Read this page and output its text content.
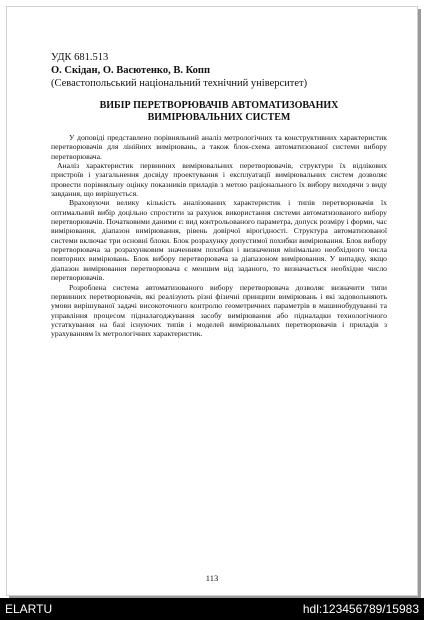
УДК 681.513

О. Скідан, О. Васютенко, В. Копп

(Севастопольський національний технічний університет)

ВИБІР ПЕРЕТВОРЮВАЧІВ АВТОМАТИЗОВАНИХ
ВИМІРЮВАЛЬНИХ СИСТЕМ

У доповіді представлено порівняльний аналіз метрологічних та конструктивних характеристик перетворювачів для лінійних вимірювань, а також блок-схема автоматизованої системи вибору перетворювача.

Аналіз характеристик первинних вимірювальних перетворювачів, структури їх відлікових пристроїв і узагальнення досвіду проектування і експлуатації вимірювальних систем дозволяє провести порівняльну оцінку показників приладів з метою раціонального їх вибору виходячи з виду завдання, що вирішується.

Враховуючи велику кількість аналізованих характеристик і типів перетворювачів їх оптимальний вибір доцільно спростити за рахунок використання системи автоматизованого вибору перетворювачів. Початковими даними є: вид контрольованого параметра, допуск розміру і форми, час вимірювання, діапазон вимірювання, рівень довірчої вірогідності. Структура автоматизованої системи включає три основні блоки. Блок розрахунку допустимої похибки вимірювання. Блок вибору перетворювача за розрахунковим значенням похибки і визначення мінімально необхідного числа повторних вимірювань. Блок вибору перетворювача за діапазоном вимірювання. У випадку, якщо діапазон вимірювання перетворювача є меншим від заданого, то визначається необхідне число перетворювачів.

Розроблена система автоматизованого вибору перетворювача дозволяє визначити типи первинних перетворювачів, які реалізують різні фізичні принципи вимірювань і які задовольняють умови вирішуваної задачі високоточного контролю геометричних параметрів в машинобудуванні та управління процесом підналагоджування засобу вимірювання або підналадки технологічного устаткування на базі існуючих типів і моделей вимірювальних перетворювачів і приладів з урахуванням їх метрологічних характеристик.

113
ELARTU	hdl:123456789/15983
